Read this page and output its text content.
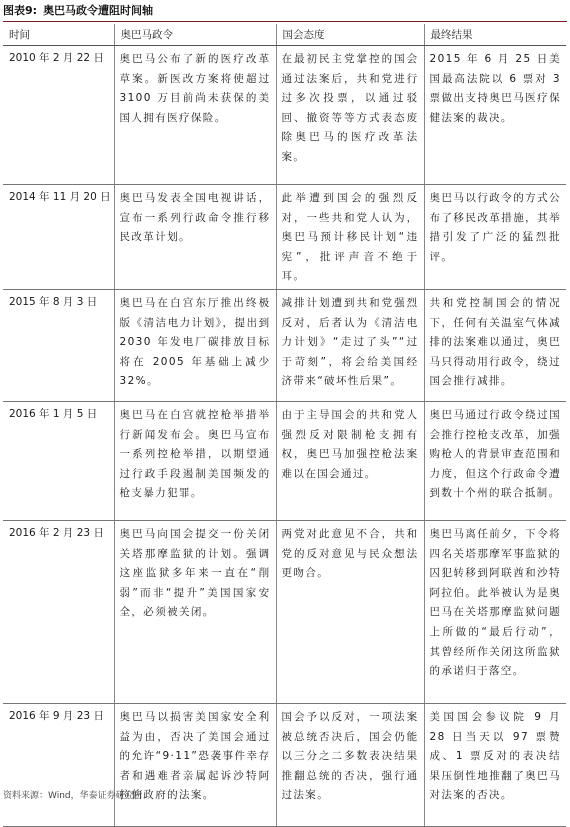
图表9: 奥巴马政令遭阻时间轴
时间	奥巴马政令	国会态度	最终结果
2010 年 2 月 22 日	奥巴马公布了新的医疗改革草案。新医改方案将使超过 3100 万目前尚未获保的美国人拥有医疗保险。	在最初民主党掌控的国会通过法案后，共和党进行过多次投票，以通过驳回、撤资等等方式表态废除奥巴马的医疗改革法案。	2015 年 6 月 25 日美国最高法院以 6 票对 3 票做出支持奥巴马医疗保健法案的裁决。
2014 年 11 月 20 日	奥巴马发表全国电视讲话，宣布一系列行政命令推行移民改革计划。	此举遭到国会的强烈反对，一些共和党人认为，奥巴马预计移民计划“违宪”，批评声音不绝于耳。	奥巴马以行政令的方式公布了移民改革措施，其举措引发了广泛的猛烈批评。
2015 年 8 月 3 日	奥巴马在白宫东厅推出终极版《清洁电力计划》，提出到 2030 年发电厂碳排放目标将在 2005 年基础上减少 32%。	减排计划遭到共和党强烈反对，后者认为《清洁电力计划》“走过了头”“过于苛刻”，将会给美国经济带来“破坏性后果”。	共和党控制国会的情况下，任何有关温室气体减排的法案难以通过，奥巴马只得动用行政令，绕过国会推行减排。
2016 年 1 月 5 日	奥巴马在白宫就控枪举措举行新闻发布会。奥巴马宣布一系列控枪举措，以期望通过行政手段遏制美国频发的枪支暴力犯罪。	由于主导国会的共和党人强烈反对限制枪支拥有权，奥巴马加强控枪法案难以在国会通过。	奥巴马通过行政令绕过国会推行控枪支改革，加强购枪人的背景审查范围和力度，但这个行政命令遭到数十个州的联合抵制。
2016 年 2 月 23 日	奥巴马向国会提交一份关闭关塔那摩监狱的计划。强调这座监狱多年来一直在“削弱”而非“提升”美国国家安全，必须被关闭。	两党对此意见不合，共和党的反对意见与民众想法更吻合。	奥巴马离任前夕，下令将四名关塔那摩军事监狱的囚犯转移到阿联酋和沙特阿拉伯。此举被认为是奥巴马在关塔那摩监狱问题上所做的“最后行动”，其曾经所作关闭这所监狱的承诺归于落空。
2016 年 9 月 23 日	奥巴马以损害美国家安全利益为由，否决了美国会通过的允许“9·11”恐袭事件幸存者和遇难者亲属起诉沙特阿拉伯政府的法案。	国会予以反对，一项法案被总统否决后，国会仍能以三分之二多数表决结果推翻总统的否决，强行通过法案。	美国国会参议院 9 月 28 日当天以 97 票赞成、1 票反对的表决结果压倒性地推翻了奥巴马对法案的否决。
资料来源：Wind，华泰证券研究所
